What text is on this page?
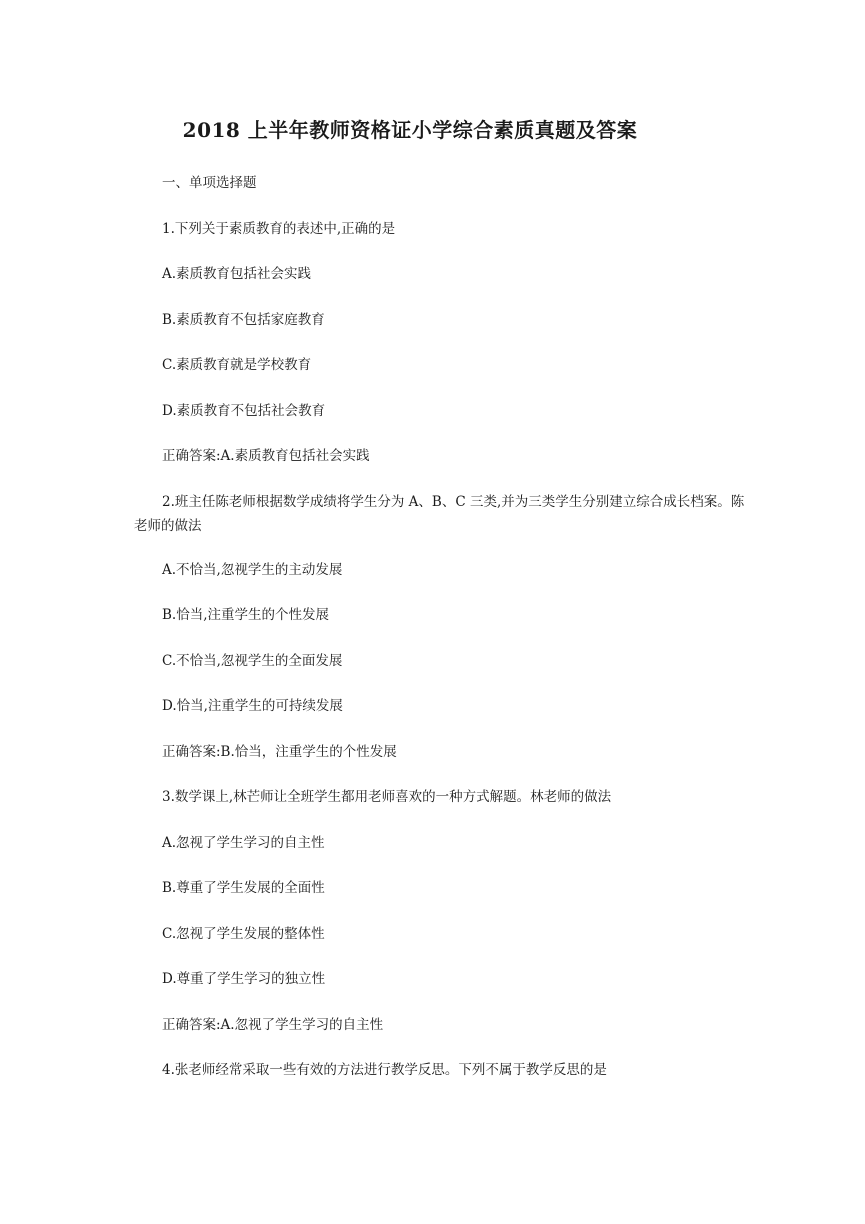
2018 上半年教师资格证小学综合素质真题及答案

一、单项选择题

1.下列关于素质教育的表述中,正确的是

A.素质教育包括社会实践

B.素质教育不包括家庭教育

C.素质教育就是学校教育

D.素质教育不包括社会教育

正确答案:A.素质教育包括社会实践

2.班主任陈老师根据数学成绩将学生分为 A、B、C 三类,并为三类学生分别建立综合成长档案。陈老师的做法

A.不恰当,忽视学生的主动发展

B.恰当,注重学生的个性发展

C.不恰当,忽视学生的全面发展

D.恰当,注重学生的可持续发展

正确答案:B.恰当，注重学生的个性发展

3.数学课上,林芒师让全班学生都用老师喜欢的一种方式解题。林老师的做法

A.忽视了学生学习的自主性

B.尊重了学生发展的全面性

C.忽视了学生发展的整体性

D.尊重了学生学习的独立性

正确答案:A.忽视了学生学习的自主性

4.张老师经常采取一些有效的方法进行教学反思。下列不属于教学反思的是
